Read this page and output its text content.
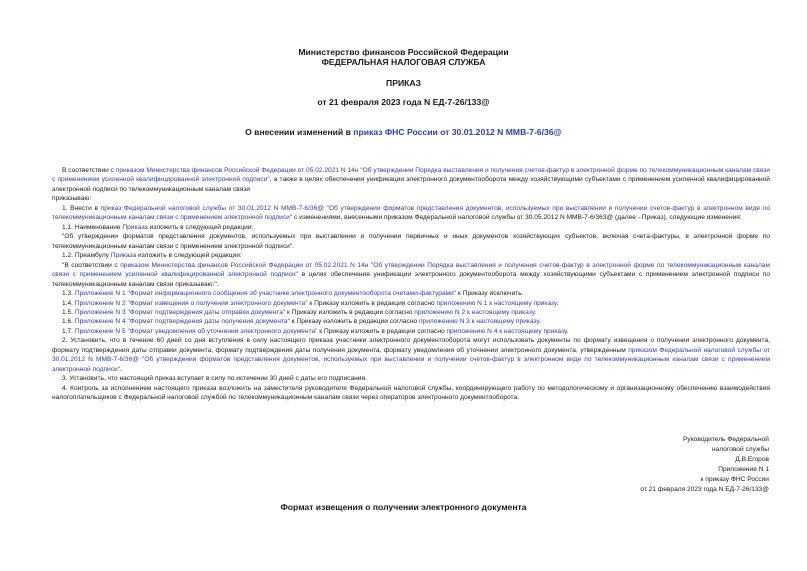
Министерство финансов Российской Федерации
ФЕДЕРАЛЬНАЯ НАЛОГОВАЯ СЛУЖБА
ПРИКАЗ
от 21 февраля 2023 года N ЕД-7-26/133@
О внесении изменений в приказ ФНС России от 30.01.2012 N ММВ-7-6/36@

В соответствии с приказом Министерства финансов Российской Федерации от 05.02.2021 N 14н "Об утверждении Порядка выставления и получения счетов-фактур в электронной форме по телекоммуникационным каналам связи с применением усиленной квалифицированной электронной подписи", а также в целях обеспечения унификации электронного документооборота между хозяйствующими субъектами с применением усиленной квалифицированной электронной подписи по телекоммуникационным каналам связи

приказываю:

1. Внести в приказ Федеральной налоговой службы от 30.01.2012 N ММВ-7-6/36@ "Об утверждении форматов представления документов, используемых при выставлении и получении счетов-фактур в электронном виде по телекоммуникационным каналам связи с применением электронной подписи" с изменениями, внесенными приказом Федеральной налоговой службы от 30.05.2012 N ММВ-7-6/363@ (далее - Приказ), следующие изменения:

1.1. Наименование Приказа изложить в следующей редакции:

"Об утверждении форматов представления документов, используемых при выставлении и получении первичных и иных документов хозяйствующих субъектов, включая счета-фактуры, в электронной форме по телекоммуникационным каналам связи с применением электронной подписи".

1.2. Преамбулу Приказа изложить в следующей редакции:

"В соответствии с приказом Министерства финансов Российской Федерации от 05.02.2021 N 14н "Об утверждении Порядка выставления и получения счетов-фактур в электронной форме по телекоммуникационным каналам связи с применением усиленной квалифицированной электронной подписи" в целях обеспечения унификации электронного документооборота между хозяйствующими субъектами с применением электронной подписи по телекоммуникационным каналам связи приказываю:".

1.3. Приложение N 1 "Формат информационного сообщения об участнике электронного документооборота счетами-фактурами" к Приказу исключить.

1.4. Приложение N 2 "Формат извещения о получении электронного документа" к Приказу изложить в редакции согласно приложению N 1 к настоящему приказу.

1.5. Приложение N 3 "Формат подтверждения даты отправки документа" к Приказу изложить в редакции согласно приложению N 2 к настоящему приказу.

1.6. Приложение N 4 "Формат подтверждения даты получения документа" к Приказу изложить в редакции согласно приложению N 3 к настоящему приказу.

1.7. Приложение N 5 "Формат уведомления об уточнении электронного документа" к Приказу изложить в редакции согласно приложению N 4 к настоящему приказу.

2. Установить, что в течение 60 дней со дня вступления в силу настоящего приказа участники электронного документооборота могут использовать документы по формату извещения о получении электронного документа, формату подтверждения даты отправки документа, формату подтверждения даты получения документа, формату уведомления об уточнении электронного документа, утвержденным приказом Федеральной налоговой службы от 30.01.2012 N ММВ-7-6/36@ "Об утверждении форматов представления документов, используемых при выставлении и получении счетов-фактур в электронном виде по телекоммуникационным каналам связи с применением электронной подписи".

3. Установить, что настоящий приказ вступает в силу по истечении 30 дней с даты его подписания.

4. Контроль за исполнением настоящего приказа возложить на заместителя руководителя Федеральной налоговой службы, координирующего работу по методологическому и организационному обеспечению взаимодействия налогоплательщиков с Федеральной налоговой службой по телекоммуникационным каналам связи через операторов электронного документооборота.

Руководитель Федеральной
налоговой службы
Д.В.Егоров
Приложение N 1
к приказу ФНС России
от 21 февраля 2023 года N ЕД-7-26/133@
Формат извещения о получении электронного документа
